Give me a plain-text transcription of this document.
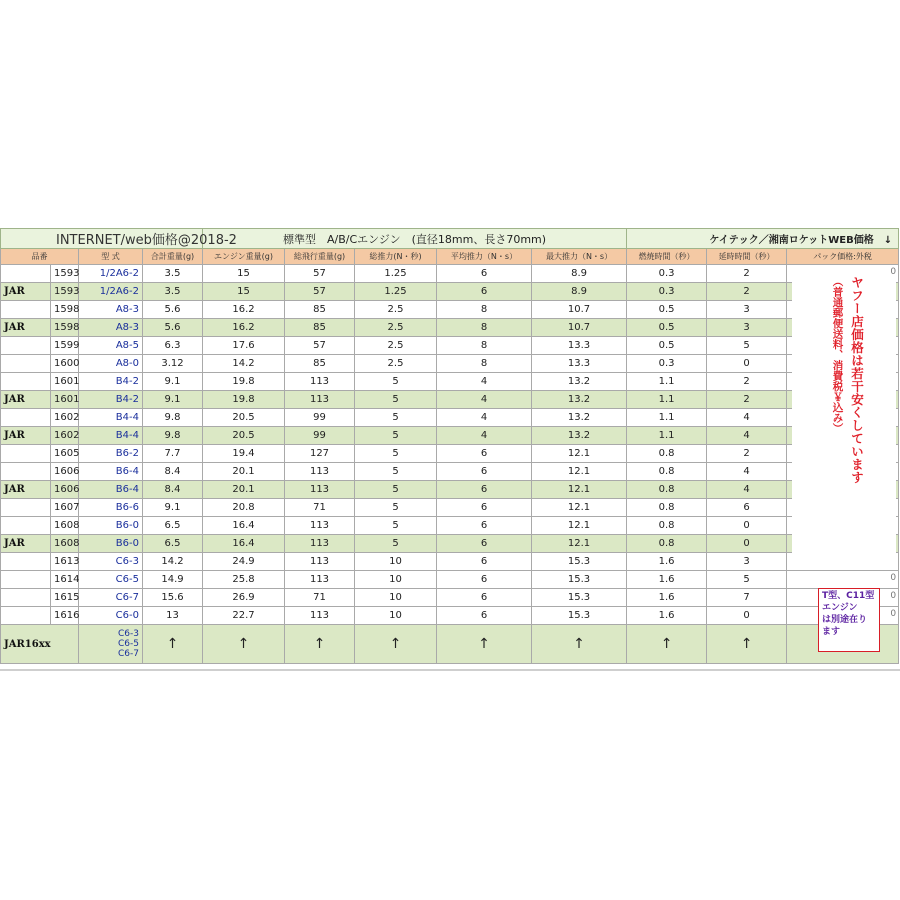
INTERNET/web価格@2018-2				標準型　A/B/Cエンジン　(直径18mm、長さ70mm)					ケイテック／湘南ロケットWEB価格　↓		
品番		型 式	合計重量(g)	エンジン重量(g)	総飛行重量(g)	総推力(N・秒)	平均推力（N・s）	最大推力（N・s）	燃焼時間（秒）	延時時間（秒）	パック価格:外税
	1593	1/2A6-2	3.5	15	57	1.25	6	8.9	0.3	2	0

JAR	1593	1/2A6-2	3.5	15	57	1.25	6	8.9	0.3	2	

	1598	A8-3	5.6	16.2	85	2.5	8	10.7	0.5	3	

JAR	1598	A8-3	5.6	16.2	85	2.5	8	10.7	0.5	3	

	1599	A8-5	6.3	17.6	57	2.5	8	13.3	0.5	5	

	1600	A8-0	3.12	14.2	85	2.5	8	13.3	0.3	0	

	1601	B4-2	9.1	19.8	113	5	4	13.2	1.1	2	

JAR	1601	B4-2	9.1	19.8	113	5	4	13.2	1.1	2	

	1602	B4-4	9.8	20.5	99	5	4	13.2	1.1	4	

JAR	1602	B4-4	9.8	20.5	99	5	4	13.2	1.1	4	

	1605	B6-2	7.7	19.4	127	5	6	12.1	0.8	2	

	1606	B6-4	8.4	20.1	113	5	6	12.1	0.8	4	

JAR	1606	B6-4	8.4	20.1	113	5	6	12.1	0.8	4	

	1607	B6-6	9.1	20.8	71	5	6	12.1	0.8	6	

	1608	B6-0	6.5	16.4	113	5	6	12.1	0.8	0	

JAR	1608	B6-0	6.5	16.4	113	5	6	12.1	0.8	0	

	1613	C6-3	14.2	24.9	113	10	6	15.3	1.6	3	

	1614	C6-5	14.9	25.8	113	10	6	15.3	1.6	5	0

	1615	C6-7	15.6	26.9	71	10	6	15.3	1.6	7	0

	1616	C6-0	13	22.7	113	10	6	15.3	1.6	0	0

JAR16xx		C6-3
C6-5
C6-7	↑	↑	↑	↑	↑	↑	↑	↑	
ヤフー店価格は若干安くしています
（普通郵便送料、消費税￥込み）
T型、C11型
エンジン
は別途在り
ます
